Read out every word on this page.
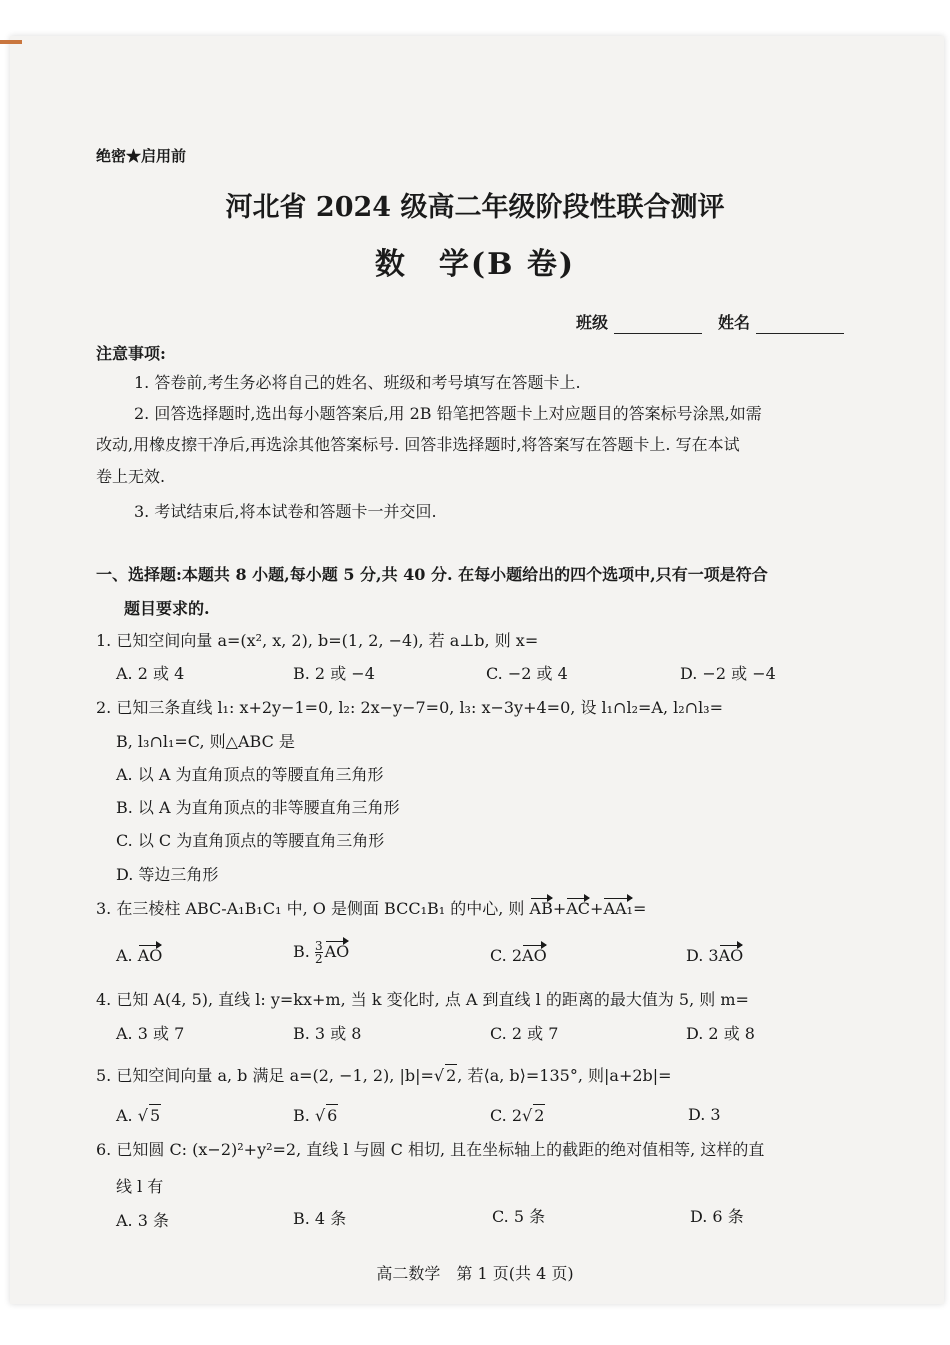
绝密★启用前
河北省 2024 级高二年级阶段性联合测评
数　学(B 卷)
班级	姓名
注意事项:
1. 答卷前,考生务必将自己的姓名、班级和考号填写在答题卡上.
2. 回答选择题时,选出每小题答案后,用 2B 铅笔把答题卡上对应题目的答案标号涂黑,如需
改动,用橡皮擦干净后,再选涂其他答案标号. 回答非选择题时,将答案写在答题卡上. 写在本试
卷上无效.
3. 考试结束后,将本试卷和答题卡一并交回.
一、选择题:本题共 8 小题,每小题 5 分,共 40 分. 在每小题给出的四个选项中,只有一项是符合
题目要求的.
1. 已知空间向量 a=(x², x, 2), b=(1, 2, −4), 若 a⊥b, 则 x=
A. 2 或 4	B. 2 或 −4	C. −2 或 4	D. −2 或 −4
2. 已知三条直线 l₁: x+2y−1=0, l₂: 2x−y−7=0, l₃: x−3y+4=0, 设 l₁∩l₂=A, l₂∩l₃=
B, l₃∩l₁=C, 则△ABC 是
A. 以 A 为直角顶点的等腰直角三角形
B. 以 A 为直角顶点的非等腰直角三角形
C. 以 C 为直角顶点的等腰直角三角形
D. 等边三角形
3. 在三棱柱 ABC-A₁B₁C₁ 中, O 是侧面 BCC₁B₁ 的中心, 则 AB+AC+AA₁=
A. AO	B. $\frac{3}{2}$ AO	C. 2AO	D. 3AO
4. 已知 A(4, 5), 直线 l: y=kx+m, 当 k 变化时, 点 A 到直线 l 的距离的最大值为 5, 则 m=
A. 3 或 7	B. 3 或 8	C. 2 或 7	D. 2 或 8
5. 已知空间向量 a, b 满足 a=(2, −1, 2), |b|=√ 2, 若⟨a, b⟩=135°, 则|a+2b|=
A. √ 5	B. √ 6	C. 2√ 2	D. 3
6. 已知圆 C: (x−2)²+y²=2, 直线 l 与圆 C 相切, 且在坐标轴上的截距的绝对值相等, 这样的直
线 l 有
A. 3 条	B. 4 条	C. 5 条	D. 6 条
高二数学　第 1 页(共 4 页)
